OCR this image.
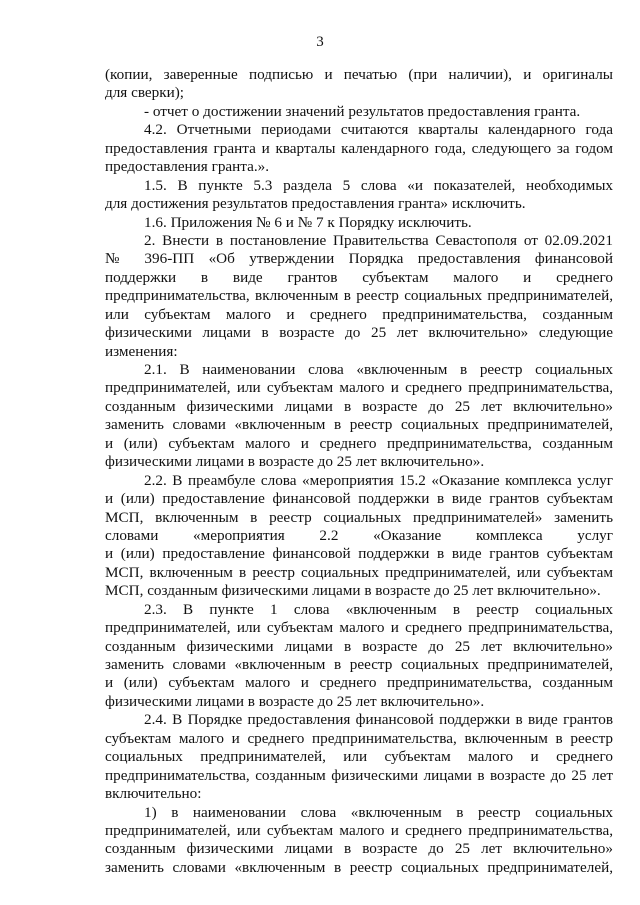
3
(копии, заверенные подписью и печатью (при наличии), и оригиналы
для сверки);
- отчет о достижении значений результатов предоставления гранта.
4.2. Отчетными периодами считаются кварталы календарного года
предоставления гранта и кварталы календарного года, следующего за годом
предоставления гранта.».
1.5. В пункте 5.3 раздела 5 слова «и показателей, необходимых
для достижения результатов предоставления гранта» исключить.
1.6. Приложения № 6 и № 7 к Порядку исключить.
2. Внести в постановление Правительства Севастополя от 02.09.2021
№ 396-ПП «Об утверждении Порядка предоставления финансовой
поддержки в виде грантов субъектам малого и среднего
предпринимательства, включенным в реестр социальных предпринимателей,
или субъектам малого и среднего предпринимательства, созданным
физическими лицами в возрасте до 25 лет включительно» следующие
изменения:
2.1. В наименовании слова «включенным в реестр социальных
предпринимателей, или субъектам малого и среднего предпринимательства,
созданным физическими лицами в возрасте до 25 лет включительно»
заменить словами «включенным в реестр социальных предпринимателей,
и (или) субъектам малого и среднего предпринимательства, созданным
физическими лицами в возрасте до 25 лет включительно».
2.2. В преамбуле слова «мероприятия 15.2 «Оказание комплекса услуг
и (или) предоставление финансовой поддержки в виде грантов субъектам
МСП, включенным в реестр социальных предпринимателей» заменить
словами «мероприятия 2.2 «Оказание комплекса услуг
и (или) предоставление финансовой поддержки в виде грантов субъектам
МСП, включенным в реестр социальных предпринимателей, или субъектам
МСП, созданным физическими лицами в возрасте до 25 лет включительно».
2.3. В пункте 1 слова «включенным в реестр социальных
предпринимателей, или субъектам малого и среднего предпринимательства,
созданным физическими лицами в возрасте до 25 лет включительно»
заменить словами «включенным в реестр социальных предпринимателей,
и (или) субъектам малого и среднего предпринимательства, созданным
физическими лицами в возрасте до 25 лет включительно».
2.4. В Порядке предоставления финансовой поддержки в виде грантов
субъектам малого и среднего предпринимательства, включенным в реестр
социальных предпринимателей, или субъектам малого и среднего
предпринимательства, созданным физическими лицами в возрасте до 25 лет
включительно:
1) в наименовании слова «включенным в реестр социальных
предпринимателей, или субъектам малого и среднего предпринимательства,
созданным физическими лицами в возрасте до 25 лет включительно»
заменить словами «включенным в реестр социальных предпринимателей,
